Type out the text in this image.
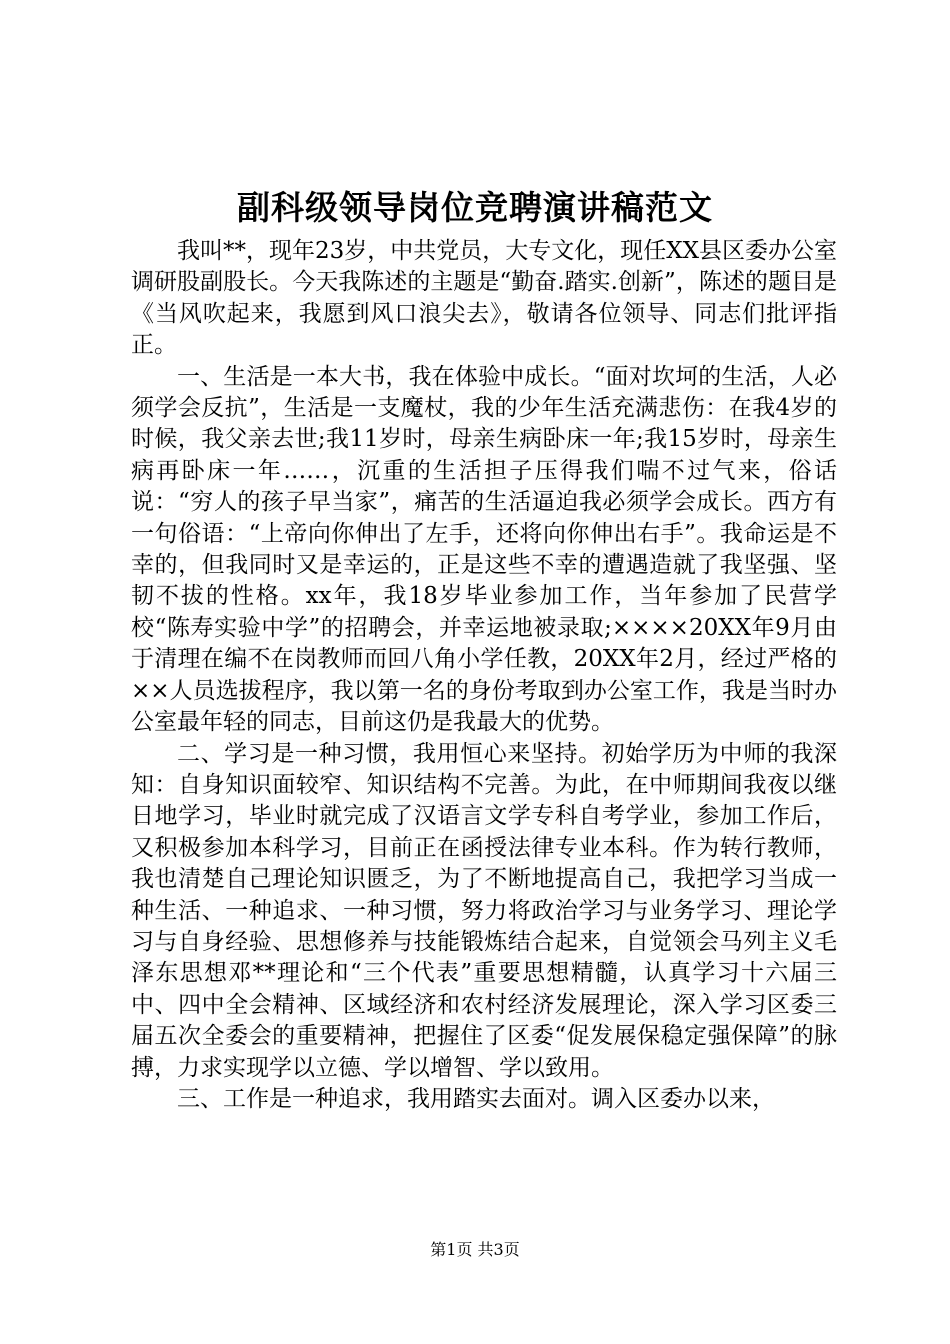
副科级领导岗位竞聘演讲稿范文

我叫**，现年23岁，中共党员，大专文化，现任XX县区委办公室调研股副股长。今天我陈述的主题是“勤奋.踏实.创新”，陈述的题目是《当风吹起来，我愿到风口浪尖去》，敬请各位领导、同志们批评指正。

一、生活是一本大书，我在体验中成长。“面对坎坷的生活，人必须学会反抗”，生活是一支魔杖，我的少年生活充满悲伤：在我4岁的时候，我父亲去世;我11岁时，母亲生病卧床一年;我15岁时，母亲生病再卧床一年……，沉重的生活担子压得我们喘不过气来，俗话说：“穷人的孩子早当家”，痛苦的生活逼迫我必须学会成长。西方有一句俗语：“上帝向你伸出了左手，还将向你伸出右手”。我命运是不幸的，但我同时又是幸运的，正是这些不幸的遭遇造就了我坚强、坚韧不拔的性格。xx年，我18岁毕业参加工作，当年参加了民营学校“陈寿实验中学”的招聘会，并幸运地被录取;××××20XX年9月由于清理在编不在岗教师而回八角小学任教，20XX年2月，经过严格的××人员选拔程序，我以第一名的身份考取到办公室工作，我是当时办公室最年轻的同志，目前这仍是我最大的优势。

二、学习是一种习惯，我用恒心来坚持。初始学历为中师的我深知：自身知识面较窄、知识结构不完善。为此，在中师期间我夜以继日地学习，毕业时就完成了汉语言文学专科自考学业，参加工作后，又积极参加本科学习，目前正在函授法律专业本科。作为转行教师，我也清楚自己理论知识匮乏，为了不断地提高自己，我把学习当成一种生活、一种追求、一种习惯，努力将政治学习与业务学习、理论学习与自身经验、思想修养与技能锻炼结合起来，自觉领会马列主义毛泽东思想邓**理论和“三个代表”重要思想精髓，认真学习十六届三中、四中全会精神、区域经济和农村经济发展理论，深入学习区委三届五次全委会的重要精神，把握住了区委“促发展保稳定强保障”的脉搏，力求实现学以立德、学以增智、学以致用。

三、工作是一种追求，我用踏实去面对。调入区委办以来，

第1页 共3页
